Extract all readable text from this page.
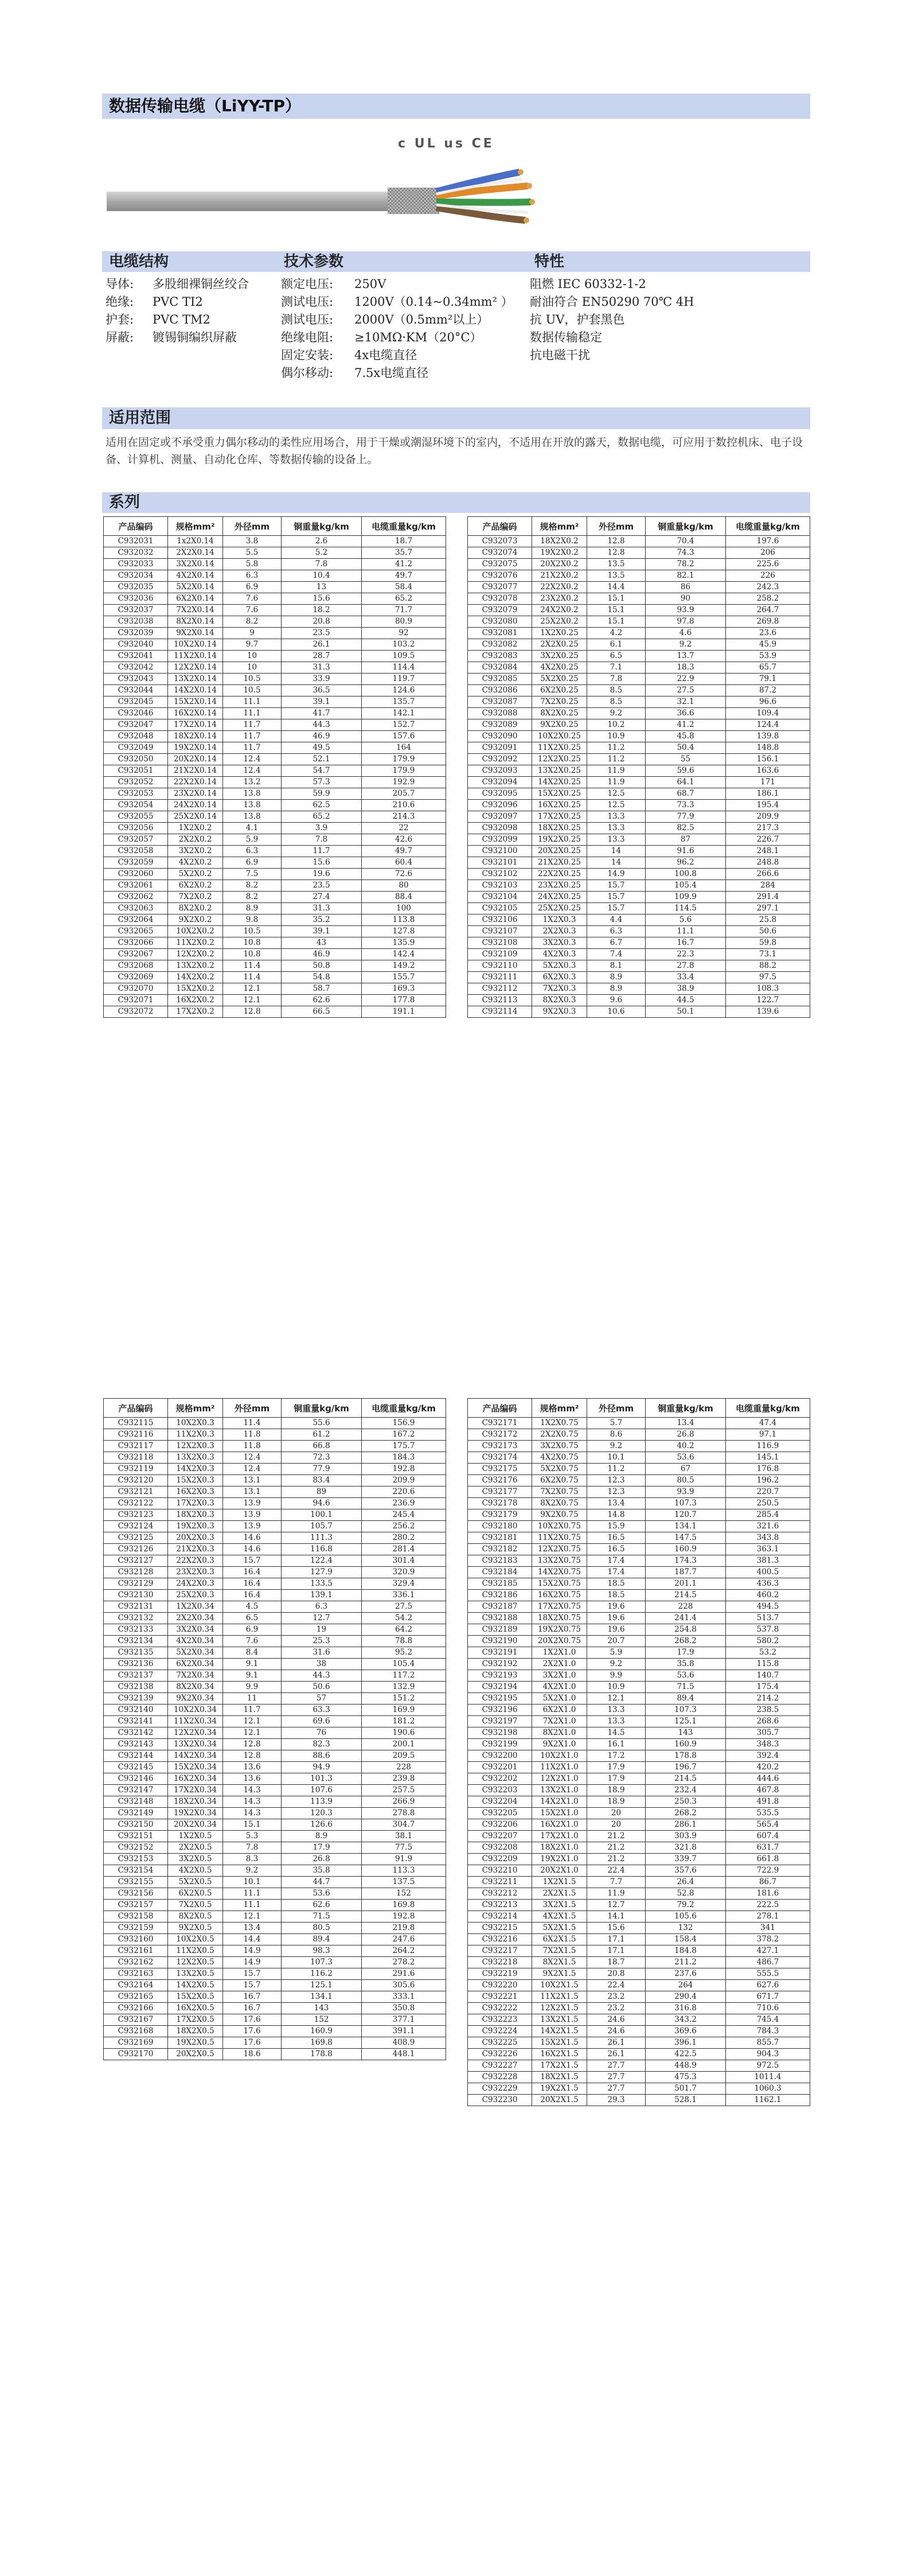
数据传输电缆（LiYY-TP）
c UL us CE
电缆结构	技术参数	特性
导体:	多股细裸铜丝绞合
绝缘:	PVC TI2
护套:	PVC TM2
屏蔽:	镀锡铜编织屏蔽
额定电压:	250V
测试电压:	1200V（0.14~0.34mm² ）
测试电压:	2000V（0.5mm²以上）
绝缘电阻:	≥10MΩ·KM（20°C）
固定安装:	4x电缆直径
偶尔移动:	7.5x电缆直径
阻燃 IEC 60332-1-2
耐油符合 EN50290 70℃ 4H
抗 UV，护套黑色
数据传输稳定
抗电磁干扰
适用范围
适用在固定或不承受重力偶尔移动的柔性应用场合，用于干燥或潮湿环境下的室内，不适用在开放的露天，数据电缆，可应用于数控机床、电子设备、计算机、测量、自动化仓库、等数据传输的设备上。
系列
产品编码	规格mm²	外径mm	铜重量kg/km	电缆重量kg/km
C932031	1x2X0.14	3.8	2.6	18.7
C932032	2X2X0.14	5.5	5.2	35.7
C932033	3X2X0.14	5.8	7.8	41.2
C932034	4X2X0.14	6.3	10.4	49.7
C932035	5X2X0.14	6.9	13	58.4
C932036	6X2X0.14	7.6	15.6	65.2
C932037	7X2X0.14	7.6	18.2	71.7
C932038	8X2X0.14	8.2	20.8	80.9
C932039	9X2X0.14	9	23.5	92
C932040	10X2X0.14	9.7	26.1	103.2
C932041	11X2X0.14	10	28.7	109.5
C932042	12X2X0.14	10	31.3	114.4
C932043	13X2X0.14	10.5	33.9	119.7
C932044	14X2X0.14	10.5	36.5	124.6
C932045	15X2X0.14	11.1	39.1	135.7
C932046	16X2X0.14	11.1	41.7	142.1
C932047	17X2X0.14	11.7	44.3	152.7
C932048	18X2X0.14	11.7	46.9	157.6
C932049	19X2X0.14	11.7	49.5	164
C932050	20X2X0.14	12.4	52.1	179.9
C932051	21X2X0.14	12.4	54.7	179.9
C932052	22X2X0.14	13.2	57.3	192.9
C932053	23X2X0.14	13.8	59.9	205.7
C932054	24X2X0.14	13.8	62.5	210.6
C932055	25X2X0.14	13.8	65.2	214.3
C932056	1X2X0.2	4.1	3.9	22
C932057	2X2X0.2	5.9	7.8	42.6
C932058	3X2X0.2	6.3	11.7	49.7
C932059	4X2X0.2	6.9	15.6	60.4
C932060	5X2X0.2	7.5	19.6	72.6
C932061	6X2X0.2	8.2	23.5	80
C932062	7X2X0.2	8.2	27.4	88.4
C932063	8X2X0.2	8.9	31.3	100
C932064	9X2X0.2	9.8	35.2	113.8
C932065	10X2X0.2	10.5	39.1	127.8
C932066	11X2X0.2	10.8	43	135.9
C932067	12X2X0.2	10.8	46.9	142.4
C932068	13X2X0.2	11.4	50.8	149.2
C932069	14X2X0.2	11.4	54.8	155.7
C932070	15X2X0.2	12.1	58.7	169.3
C932071	16X2X0.2	12.1	62.6	177.8
C932072	17X2X0.2	12.8	66.5	191.1
产品编码	规格mm²	外径mm	铜重量kg/km	电缆重量kg/km
C932073	18X2X0.2	12.8	70.4	197.6
C932074	19X2X0.2	12.8	74.3	206
C932075	20X2X0.2	13.5	78.2	225.6
C932076	21X2X0.2	13.5	82.1	226
C932077	22X2X0.2	14.4	86	242.3
C932078	23X2X0.2	15.1	90	258.2
C932079	24X2X0.2	15.1	93.9	264.7
C932080	25X2X0.2	15.1	97.8	269.8
C932081	1X2X0.25	4.2	4.6	23.6
C932082	2X2X0.25	6.1	9.2	45.9
C932083	3X2X0.25	6.5	13.7	53.9
C932084	4X2X0.25	7.1	18.3	65.7
C932085	5X2X0.25	7.8	22.9	79.1
C932086	6X2X0.25	8.5	27.5	87.2
C932087	7X2X0.25	8.5	32.1	96.6
C932088	8X2X0.25	9.2	36.6	109.4
C932089	9X2X0.25	10.2	41.2	124.4
C932090	10X2X0.25	10.9	45.8	139.8
C932091	11X2X0.25	11.2	50.4	148.8
C932092	12X2X0.25	11.2	55	156.1
C932093	13X2X0.25	11.9	59.6	163.6
C932094	14X2X0.25	11.9	64.1	171
C932095	15X2X0.25	12.5	68.7	186.1
C932096	16X2X0.25	12.5	73.3	195.4
C932097	17X2X0.25	13.3	77.9	209.9
C932098	18X2X0.25	13.3	82.5	217.3
C932099	19X2X0.25	13.3	87	226.7
C932100	20X2X0.25	14	91.6	248.1
C932101	21X2X0.25	14	96.2	248.8
C932102	22X2X0.25	14.9	100.8	266.6
C932103	23X2X0.25	15.7	105.4	284
C932104	24X2X0.25	15.7	109.9	291.4
C932105	25X2X0.25	15.7	114.5	297.1
C932106	1X2X0.3	4.4	5.6	25.8
C932107	2X2X0.3	6.3	11.1	50.6
C932108	3X2X0.3	6.7	16.7	59.8
C932109	4X2X0.3	7.4	22.3	73.1
C932110	5X2X0.3	8.1	27.8	88.2
C932111	6X2X0.3	8.9	33.4	97.5
C932112	7X2X0.3	8.9	38.9	108.3
C932113	8X2X0.3	9.6	44.5	122.7
C932114	9X2X0.3	10.6	50.1	139.6
产品编码	规格mm²	外径mm	铜重量kg/km	电缆重量kg/km
C932115	10X2X0.3	11.4	55.6	156.9
C932116	11X2X0.3	11.8	61.2	167.2
C932117	12X2X0.3	11.8	66.8	175.7
C932118	13X2X0.3	12.4	72.3	184.3
C932119	14X2X0.3	12.4	77.9	192.8
C932120	15X2X0.3	13.1	83.4	209.9
C932121	16X2X0.3	13.1	89	220.6
C932122	17X2X0.3	13.9	94.6	236.9
C932123	18X2X0.3	13.9	100.1	245.4
C932124	19X2X0.3	13.9	105.7	256.2
C932125	20X2X0.3	14.6	111.3	280.2
C932126	21X2X0.3	14.6	116.8	281.4
C932127	22X2X0.3	15.7	122.4	301.4
C932128	23X2X0.3	16.4	127.9	320.9
C932129	24X2X0.3	16.4	133.5	329.4
C932130	25X2X0.3	16.4	139.1	336.1
C932131	1X2X0.34	4.5	6.3	27.5
C932132	2X2X0.34	6.5	12.7	54.2
C932133	3X2X0.34	6.9	19	64.2
C932134	4X2X0.34	7.6	25.3	78.8
C932135	5X2X0.34	8.4	31.6	95.2
C932136	6X2X0.34	9.1	38	105.4
C932137	7X2X0.34	9.1	44.3	117.2
C932138	8X2X0.34	9.9	50.6	132.9
C932139	9X2X0.34	11	57	151.2
C932140	10X2X0.34	11.7	63.3	169.9
C932141	11X2X0.34	12.1	69.6	181.2
C932142	12X2X0.34	12.1	76	190.6
C932143	13X2X0.34	12.8	82.3	200.1
C932144	14X2X0.34	12.8	88.6	209.5
C932145	15X2X0.34	13.6	94.9	228
C932146	16X2X0.34	13.6	101.3	239.8
C932147	17X2X0.34	14.3	107.6	257.5
C932148	18X2X0.34	14.3	113.9	266.9
C932149	19X2X0.34	14.3	120.3	278.8
C932150	20X2X0.34	15.1	126.6	304.7
C932151	1X2X0.5	5.3	8.9	38.1
C932152	2X2X0.5	7.8	17.9	77.5
C932153	3X2X0.5	8.3	26.8	91.9
C932154	4X2X0.5	9.2	35.8	113.3
C932155	5X2X0.5	10.1	44.7	137.5
C932156	6X2X0.5	11.1	53.6	152
C932157	7X2X0.5	11.1	62.6	169.8
C932158	8X2X0.5	12.1	71.5	192.8
C932159	9X2X0.5	13.4	80.5	219.8
C932160	10X2X0.5	14.4	89.4	247.6
C932161	11X2X0.5	14.9	98.3	264.2
C932162	12X2X0.5	14.9	107.3	278.2
C932163	13X2X0.5	15.7	116.2	291.6
C932164	14X2X0.5	15.7	125.1	305.6
C932165	15X2X0.5	16.7	134.1	333.1
C932166	16X2X0.5	16.7	143	350.8
C932167	17X2X0.5	17.6	152	377.1
C932168	18X2X0.5	17.6	160.9	391.1
C932169	19X2X0.5	17.6	169.8	408.9
C932170	20X2X0.5	18.6	178.8	448.1
产品编码	规格mm²	外径mm	铜重量kg/km	电缆重量kg/km
C932171	1X2X0.75	5.7	13.4	47.4
C932172	2X2X0.75	8.6	26.8	97.1
C932173	3X2X0.75	9.2	40.2	116.9
C932174	4X2X0.75	10.1	53.6	145.1
C932175	5X2X0.75	11.2	67	176.8
C932176	6X2X0.75	12.3	80.5	196.2
C932177	7X2X0.75	12.3	93.9	220.7
C932178	8X2X0.75	13.4	107.3	250.5
C932179	9X2X0.75	14.8	120.7	285.4
C932180	10X2X0.75	15.9	134.1	321.6
C932181	11X2X0.75	16.5	147.5	343.8
C932182	12X2X0.75	16.5	160.9	363.1
C932183	13X2X0.75	17.4	174.3	381.3
C932184	14X2X0.75	17.4	187.7	400.5
C932185	15X2X0.75	18.5	201.1	436.3
C932186	16X2X0.75	18.5	214.5	460.2
C932187	17X2X0.75	19.6	228	494.5
C932188	18X2X0.75	19.6	241.4	513.7
C932189	19X2X0.75	19.6	254.8	537.8
C932190	20X2X0.75	20.7	268.2	580.2
C932191	1X2X1.0	5.9	17.9	53.2
C932192	2X2X1.0	9.2	35.8	115.8
C932193	3X2X1.0	9.9	53.6	140.7
C932194	4X2X1.0	10.9	71.5	175.4
C932195	5X2X1.0	12.1	89.4	214.2
C932196	6X2X1.0	13.3	107.3	238.5
C932197	7X2X1.0	13.3	125.1	268.6
C932198	8X2X1.0	14.5	143	305.7
C932199	9X2X1.0	16.1	160.9	348.3
C932200	10X2X1.0	17.2	178.8	392.4
C932201	11X2X1.0	17.9	196.7	420.2
C932202	12X2X1.0	17.9	214.5	444.6
C932203	13X2X1.0	18.9	232.4	467.8
C932204	14X2X1.0	18.9	250.3	491.8
C932205	15X2X1.0	20	268.2	535.5
C932206	16X2X1.0	20	286.1	565.4
C932207	17X2X1.0	21.2	303.9	607.4
C932208	18X2X1.0	21.2	321.8	631.7
C932209	19X2X1.0	21.2	339.7	661.8
C932210	20X2X1.0	22.4	357.6	722.9
C932211	1X2X1.5	7.7	26.4	86.7
C932212	2X2X1.5	11.9	52.8	181.6
C932213	3X2X1.5	12.7	79.2	222.5
C932214	4X2X1.5	14.1	105.6	278.1
C932215	5X2X1.5	15.6	132	341
C932216	6X2X1.5	17.1	158.4	378.2
C932217	7X2X1.5	17.1	184.8	427.1
C932218	8X2X1.5	18.7	211.2	486.7
C932219	9X2X1.5	20.8	237.6	555.5
C932220	10X2X1.5	22.4	264	627.6
C932221	11X2X1.5	23.2	290.4	671.7
C932222	12X2X1.5	23.2	316.8	710.6
C932223	13X2X1.5	24.6	343.2	745.4
C932224	14X2X1.5	24.6	369.6	784.3
C932225	15X2X1.5	26.1	396.1	855.7
C932226	16X2X1.5	26.1	422.5	904.3
C932227	17X2X1.5	27.7	448.9	972.5
C932228	18X2X1.5	27.7	475.3	1011.4
C932229	19X2X1.5	27.7	501.7	1060.3
C932230	20X2X1.5	29.3	528.1	1162.1
